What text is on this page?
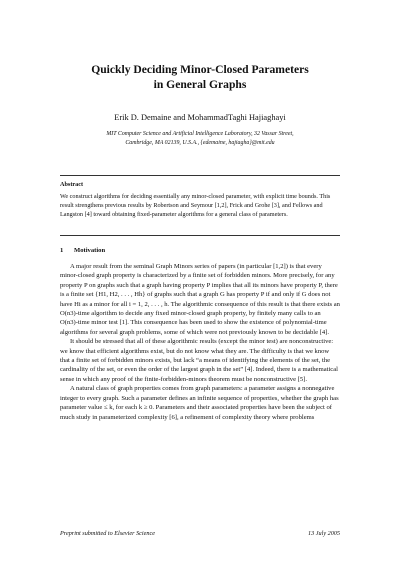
Quickly Deciding Minor-Closed Parameters
in General Graphs
Erik D. Demaine and MohammadTaghi Hajiaghayi
MIT Computer Science and Artificial Intelligence Laboratory, 32 Vassar Street,
Cambridge, MA 02139, U.S.A., {edemaine, hajiagha}@mit.edu
Abstract
We construct algorithms for deciding essentially any minor-closed parameter, with explicit time bounds. This result strengthens previous results by Robertson and Seymour [1,2], Frick and Grohe [3], and Fellows and Langston [4] toward obtaining fixed-parameter algorithms for a general class of parameters.
1 Motivation

A major result from the seminal Graph Minors series of papers (in particular [1,2]) is that every minor-closed graph property is characterized by a finite set of forbidden minors. More precisely, for any property P on graphs such that a graph having property P implies that all its minors have property P, there is a finite set {H1, H2, . . . , Hh} of graphs such that a graph G has property P if and only if G does not have Hi as a minor for all i = 1, 2, . . . , h. The algorithmic consequence of this result is that there exists an O(n3)-time algorithm to decide any fixed minor-closed graph property, by finitely many calls to an O(n3)-time minor test [1]. This consequence has been used to show the existence of polynomial-time algorithms for several graph problems, some of which were not previously known to be decidable [4].

It should be stressed that all of these algorithmic results (except the minor test) are nonconstructive: we know that efficient algorithms exist, but do not know what they are. The difficulty is that we know that a finite set of forbidden minors exists, but lack “a means of identifying the elements of the set, the cardinality of the set, or even the order of the largest graph in the set” [4]. Indeed, there is a mathematical sense in which any proof of the finite-forbidden-minors theorem must be nonconstructive [5].

A natural class of graph properties comes from graph parameters: a parameter assigns a nonnegative integer to every graph. Such a parameter defines an infinite sequence of properties, whether the graph has parameter value ≤ k, for each k ≥ 0. Parameters and their associated properties have been the subject of much study in parameterized complexity [6], a refinement of complexity theory where problems

Preprint submitted to Elsevier Science	13 July 2005
